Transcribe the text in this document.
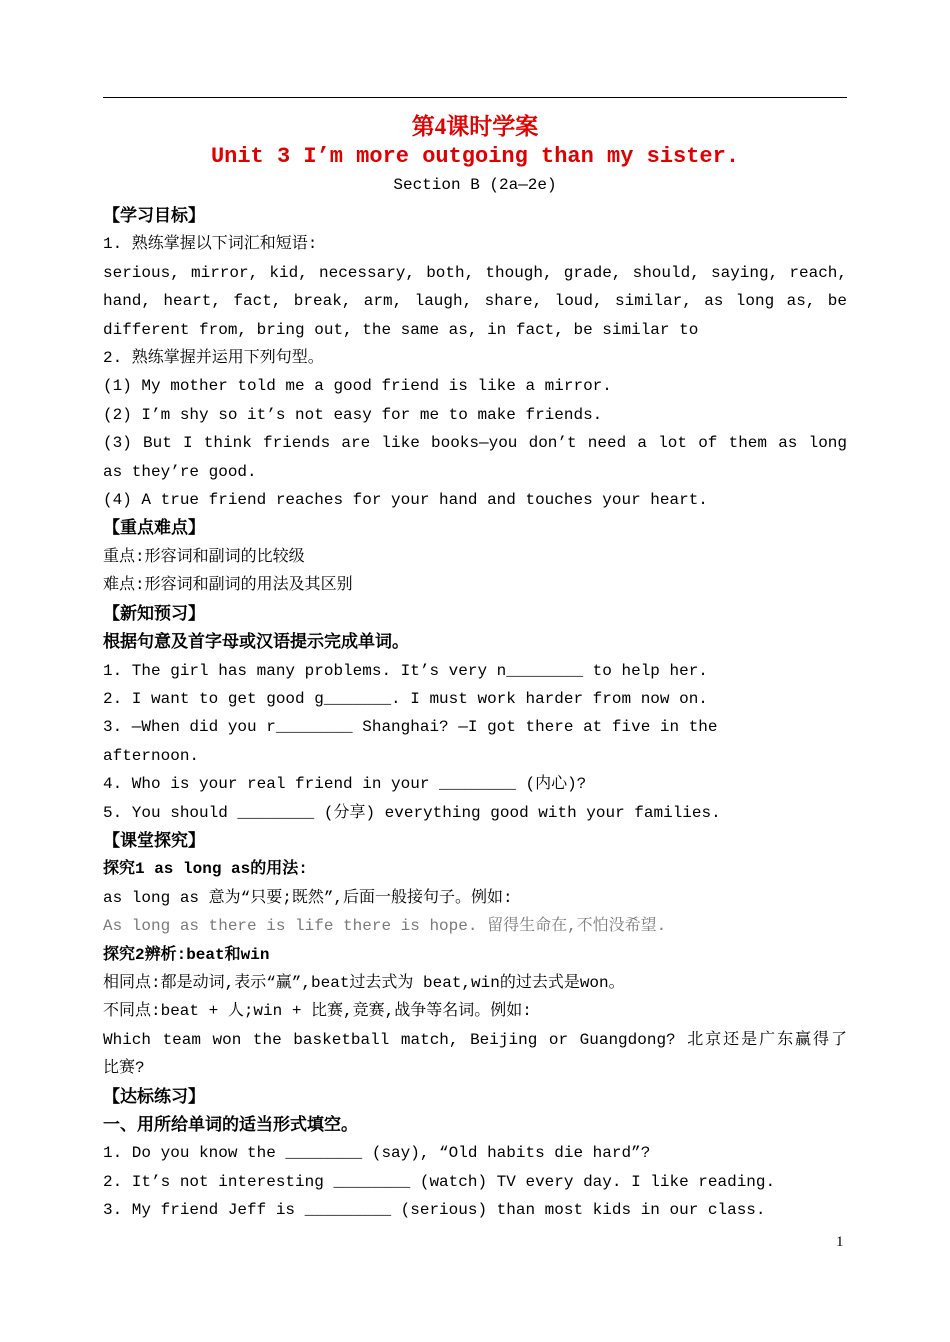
第4课时学案

Unit 3 I’m more outgoing than my sister.

Section B (2a—2e)

【学习目标】

1. 熟练掌握以下词汇和短语:

serious, mirror, kid, necessary, both, though, grade, should, saying, reach,

hand, heart, fact, break, arm, laugh, share, loud, similar, as long as, be

different from, bring out, the same as, in fact, be similar to

2. 熟练掌握并运用下列句型。

(1) My mother told me a good friend is like a mirror.

(2) I’m shy so it’s not easy for me to make friends.

(3) But I think friends are like books—you don’t need a lot of them as long

as they’re good.

(4) A true friend reaches for your hand and touches your heart.

【重点难点】

重点:形容词和副词的比较级

难点:形容词和副词的用法及其区别

【新知预习】

根据句意及首字母或汉语提示完成单词。

1. The girl has many problems. It’s very n________ to help her.

2. I want to get good g_______. I must work harder from now on.

3. —When did you r________ Shanghai? —I got there at five in the

afternoon.

4. Who is your real friend in your ________ (内心)?

5. You should ________ (分享) everything good with your families.

【课堂探究】

探究1 as long as的用法:

as long as 意为“只要;既然”,后面一般接句子。例如:

As long as there is life there is hope. 留得生命在,不怕没希望.

探究2辨析:beat和win

相同点:都是动词,表示“赢”,beat过去式为 beat,win的过去式是won。

不同点:beat + 人;win + 比赛,竞赛,战争等名词。例如:

Which team won the basketball match, Beijing or Guangdong? 北京还是广东赢得了

比赛?

【达标练习】

一、用所给单词的适当形式填空。

1. Do you know the ________ (say), “Old habits die hard”?

2. It’s not interesting ________ (watch) TV every day. I like reading.

3. My friend Jeff is _________ (serious) than most kids in our class.

1
